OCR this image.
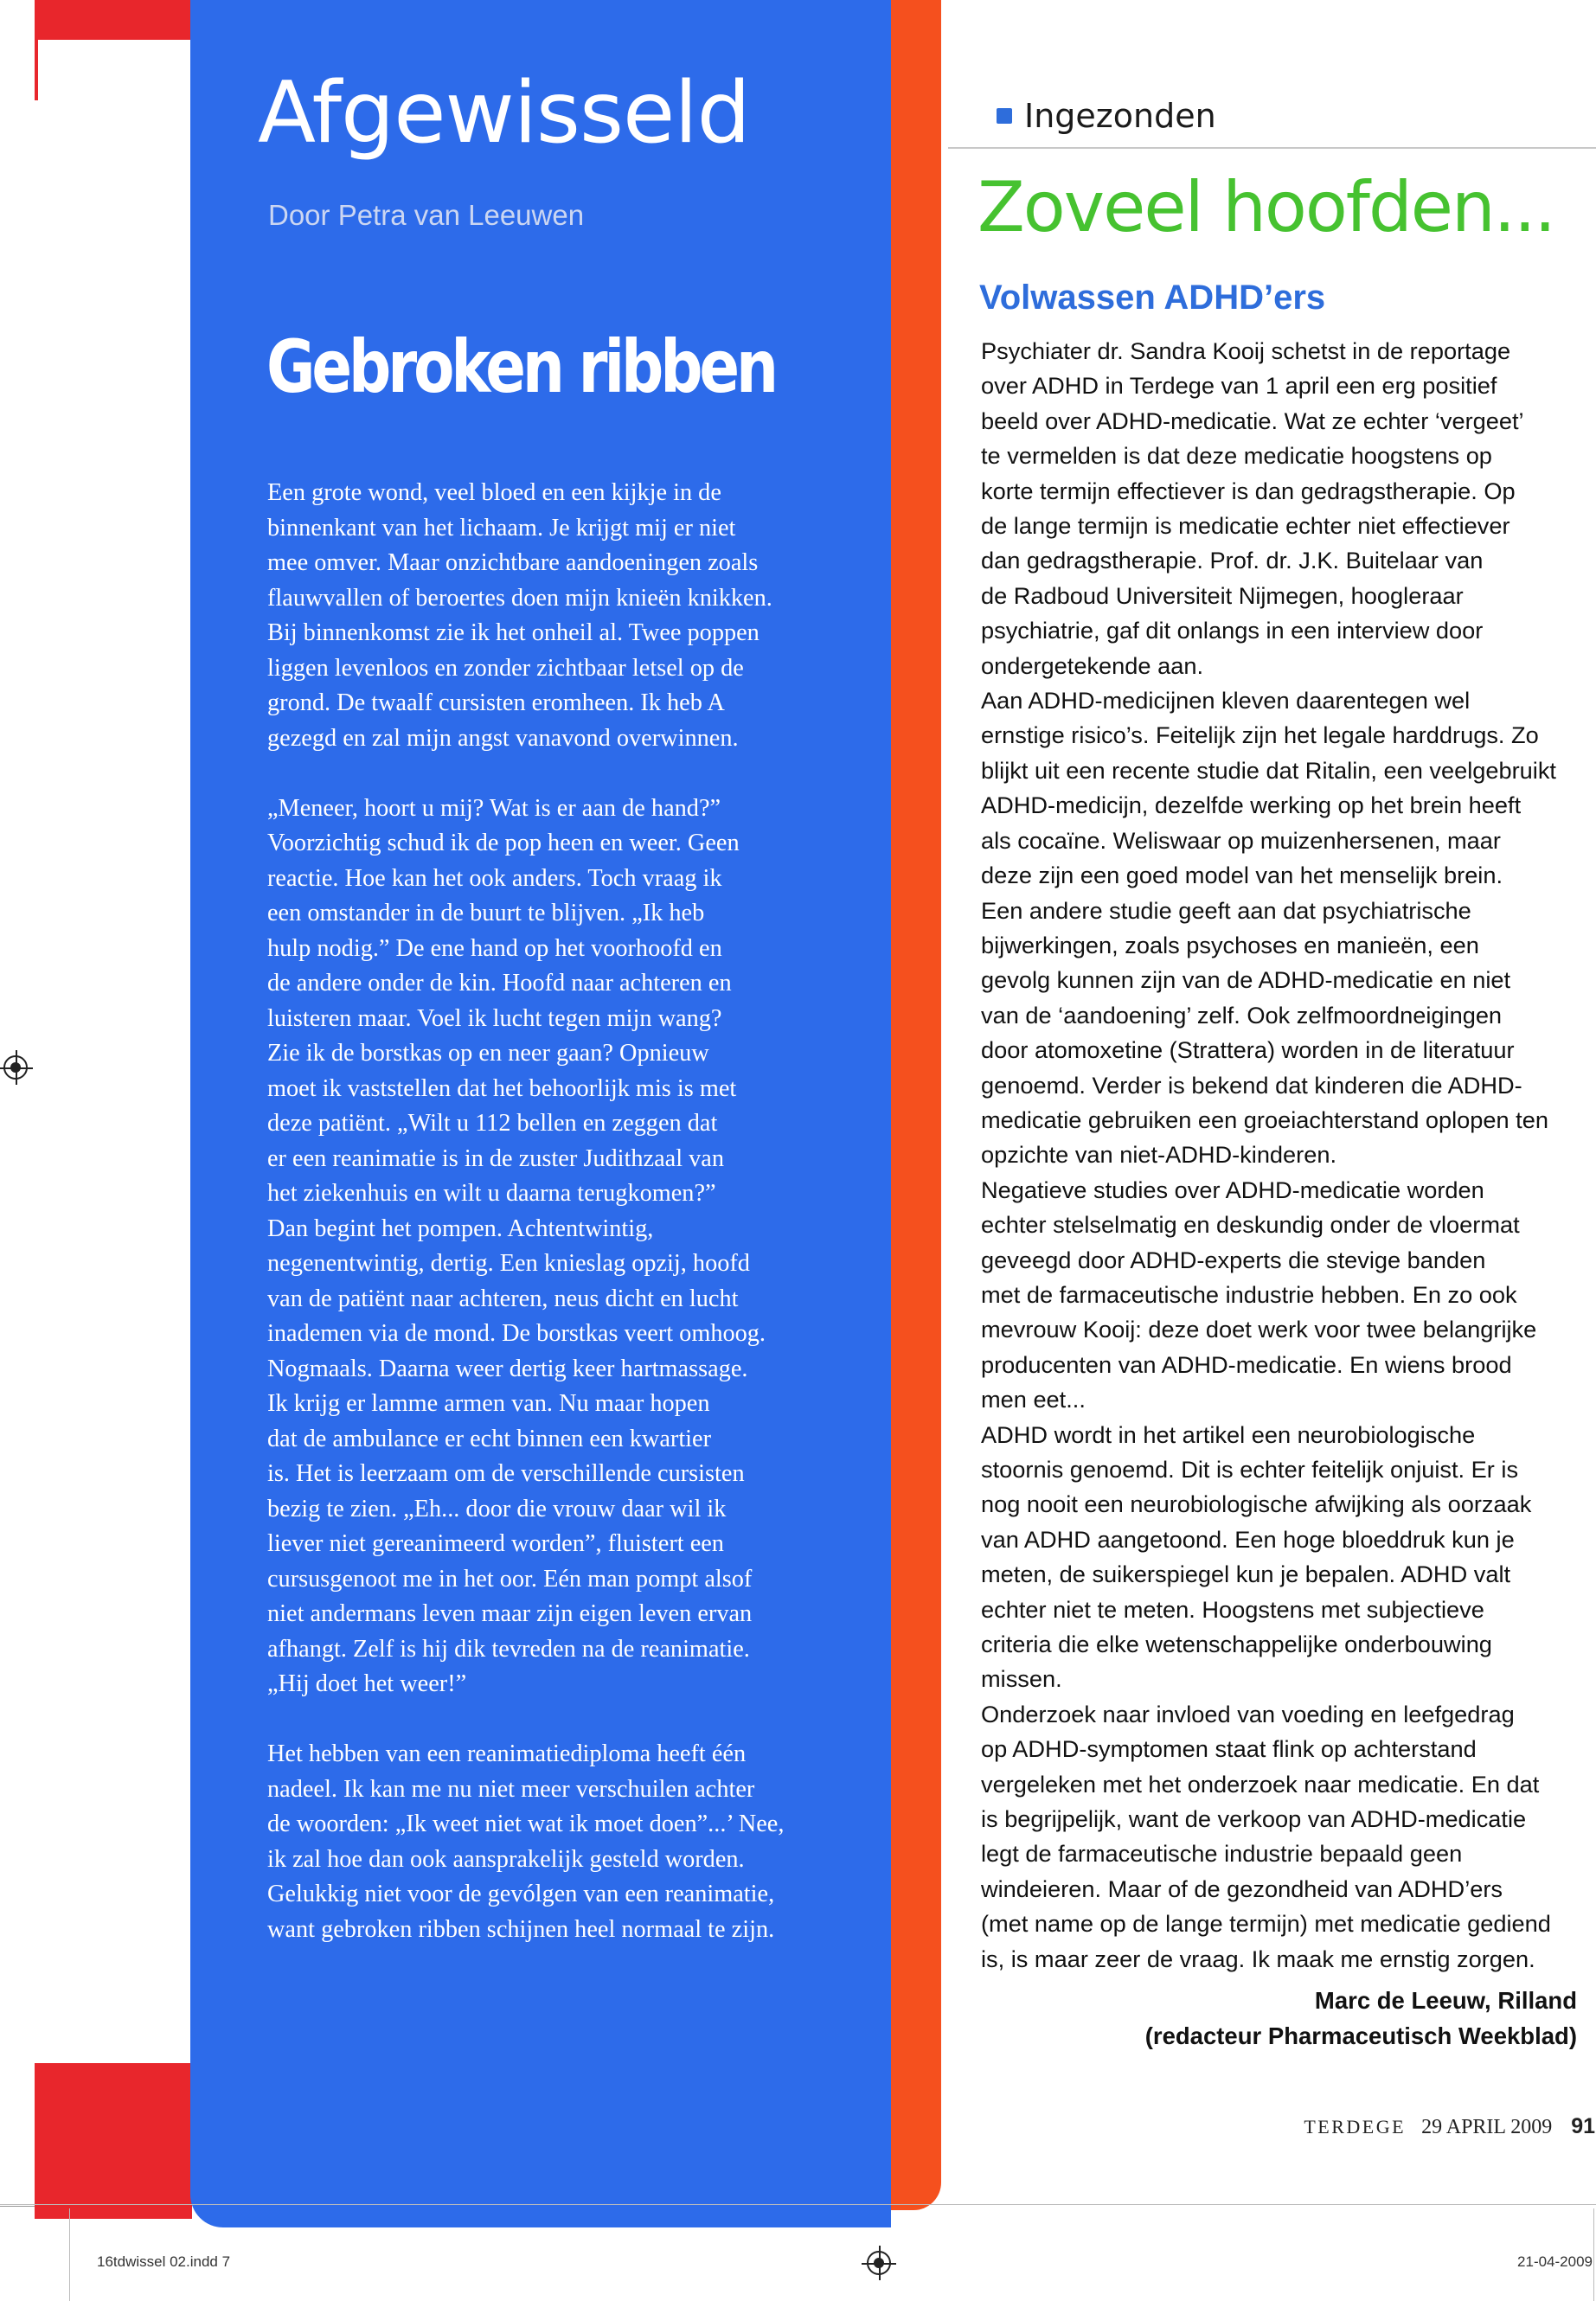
Afgewisseld
Door Petra van Leeuwen
Gebroken ribben

Een grote wond, veel bloed en een kijkje in de
binnenkant van het lichaam. Je krijgt mij er niet
mee omver. Maar onzichtbare aandoeningen zoals
flauwvallen of beroertes doen mijn knieën knikken.
Bij binnenkomst zie ik het onheil al. Twee poppen
liggen levenloos en zonder zichtbaar letsel op de
grond. De twaalf cursisten eromheen. Ik heb A
gezegd en zal mijn angst vanavond overwinnen.

„Meneer, hoort u mij? Wat is er aan de hand?”
Voorzichtig schud ik de pop heen en weer. Geen
reactie. Hoe kan het ook anders. Toch vraag ik
een omstander in de buurt te blijven. „Ik heb
hulp nodig.” De ene hand op het voorhoofd en
de andere onder de kin. Hoofd naar achteren en
luisteren maar. Voel ik lucht tegen mijn wang?
Zie ik de borstkas op en neer gaan? Opnieuw
moet ik vaststellen dat het behoorlijk mis is met
deze patiënt. „Wilt u 112 bellen en zeggen dat
er een reanimatie is in de zuster Judithzaal van
het ziekenhuis en wilt u daarna terugkomen?”
Dan begint het pompen. Achtentwintig,
negenentwintig, dertig. Een knieslag opzij, hoofd
van de patiënt naar achteren, neus dicht en lucht
inademen via de mond. De borstkas veert omhoog.
Nogmaals. Daarna weer dertig keer hartmassage.
Ik krijg er lamme armen van. Nu maar hopen
dat de ambulance er echt binnen een kwartier
is. Het is leerzaam om de verschillende cursisten
bezig te zien. „Eh... door die vrouw daar wil ik
liever niet gereanimeerd worden”, fluistert een
cursusgenoot me in het oor. Eén man pompt alsof
niet andermans leven maar zijn eigen leven ervan
afhangt. Zelf is hij dik tevreden na de reanimatie.
„Hij doet het weer!”

Het hebben van een reanimatiediploma heeft één
nadeel. Ik kan me nu niet meer verschuilen achter
de woorden: „Ik weet niet wat ik moet doen”...’ Nee,
ik zal hoe dan ook aansprakelijk gesteld worden.
Gelukkig niet voor de gevólgen van een reanimatie,
want gebroken ribben schijnen heel normaal te zijn.

Ingezonden
Zoveel hoofden...
Volwassen ADHD’ers

Psychiater dr. Sandra Kooij schetst in de reportage
over ADHD in Terdege van 1 april een erg positief
beeld over ADHD-medicatie. Wat ze echter ‘vergeet’
te vermelden is dat deze medicatie hoogstens op
korte termijn effectiever is dan gedragstherapie. Op
de lange termijn is medicatie echter niet effectiever
dan gedragstherapie. Prof. dr. J.K. Buitelaar van
de Radboud Universiteit Nijmegen, hoogleraar
psychiatrie, gaf dit onlangs in een interview door
ondergetekende aan.

Aan ADHD-medicijnen kleven daarentegen wel
ernstige risico’s. Feitelijk zijn het legale harddrugs. Zo
blijkt uit een recente studie dat Ritalin, een veelgebruikt
ADHD-medicijn, dezelfde werking op het brein heeft
als cocaïne. Weliswaar op muizenhersenen, maar
deze zijn een goed model van het menselijk brein.
Een andere studie geeft aan dat psychiatrische
bijwerkingen, zoals psychoses en manieën, een
gevolg kunnen zijn van de ADHD-medicatie en niet
van de ‘aandoening’ zelf. Ook zelfmoordneigingen
door atomoxetine (Strattera) worden in de literatuur
genoemd. Verder is bekend dat kinderen die ADHD-
medicatie gebruiken een groeiachterstand oplopen ten
opzichte van niet-ADHD-kinderen.

Negatieve studies over ADHD-medicatie worden
echter stelselmatig en deskundig onder de vloermat
geveegd door ADHD-experts die stevige banden
met de farmaceutische industrie hebben. En zo ook
mevrouw Kooij: deze doet werk voor twee belangrijke
producenten van ADHD-medicatie. En wiens brood
men eet...

ADHD wordt in het artikel een neurobiologische
stoornis genoemd. Dit is echter feitelijk onjuist. Er is
nog nooit een neurobiologische afwijking als oorzaak
van ADHD aangetoond. Een hoge bloeddruk kun je
meten, de suikerspiegel kun je bepalen. ADHD valt
echter niet te meten. Hoogstens met subjectieve
criteria die elke wetenschappelijke onderbouwing
missen.

Onderzoek naar invloed van voeding en leefgedrag
op ADHD-symptomen staat flink op achterstand
vergeleken met het onderzoek naar medicatie. En dat
is begrijpelijk, want de verkoop van ADHD-medicatie
legt de farmaceutische industrie bepaald geen
windeieren. Maar of de gezondheid van ADHD’ers
(met name op de lange termijn) met medicatie gediend
is, is maar zeer de vraag. Ik maak me ernstig zorgen.

Marc de Leeuw, Rilland
(redacteur Pharmaceutisch Weekblad)
TERDEGE 29 APRIL 2009 91
16tdwissel 02.indd 7	21-04-2009
